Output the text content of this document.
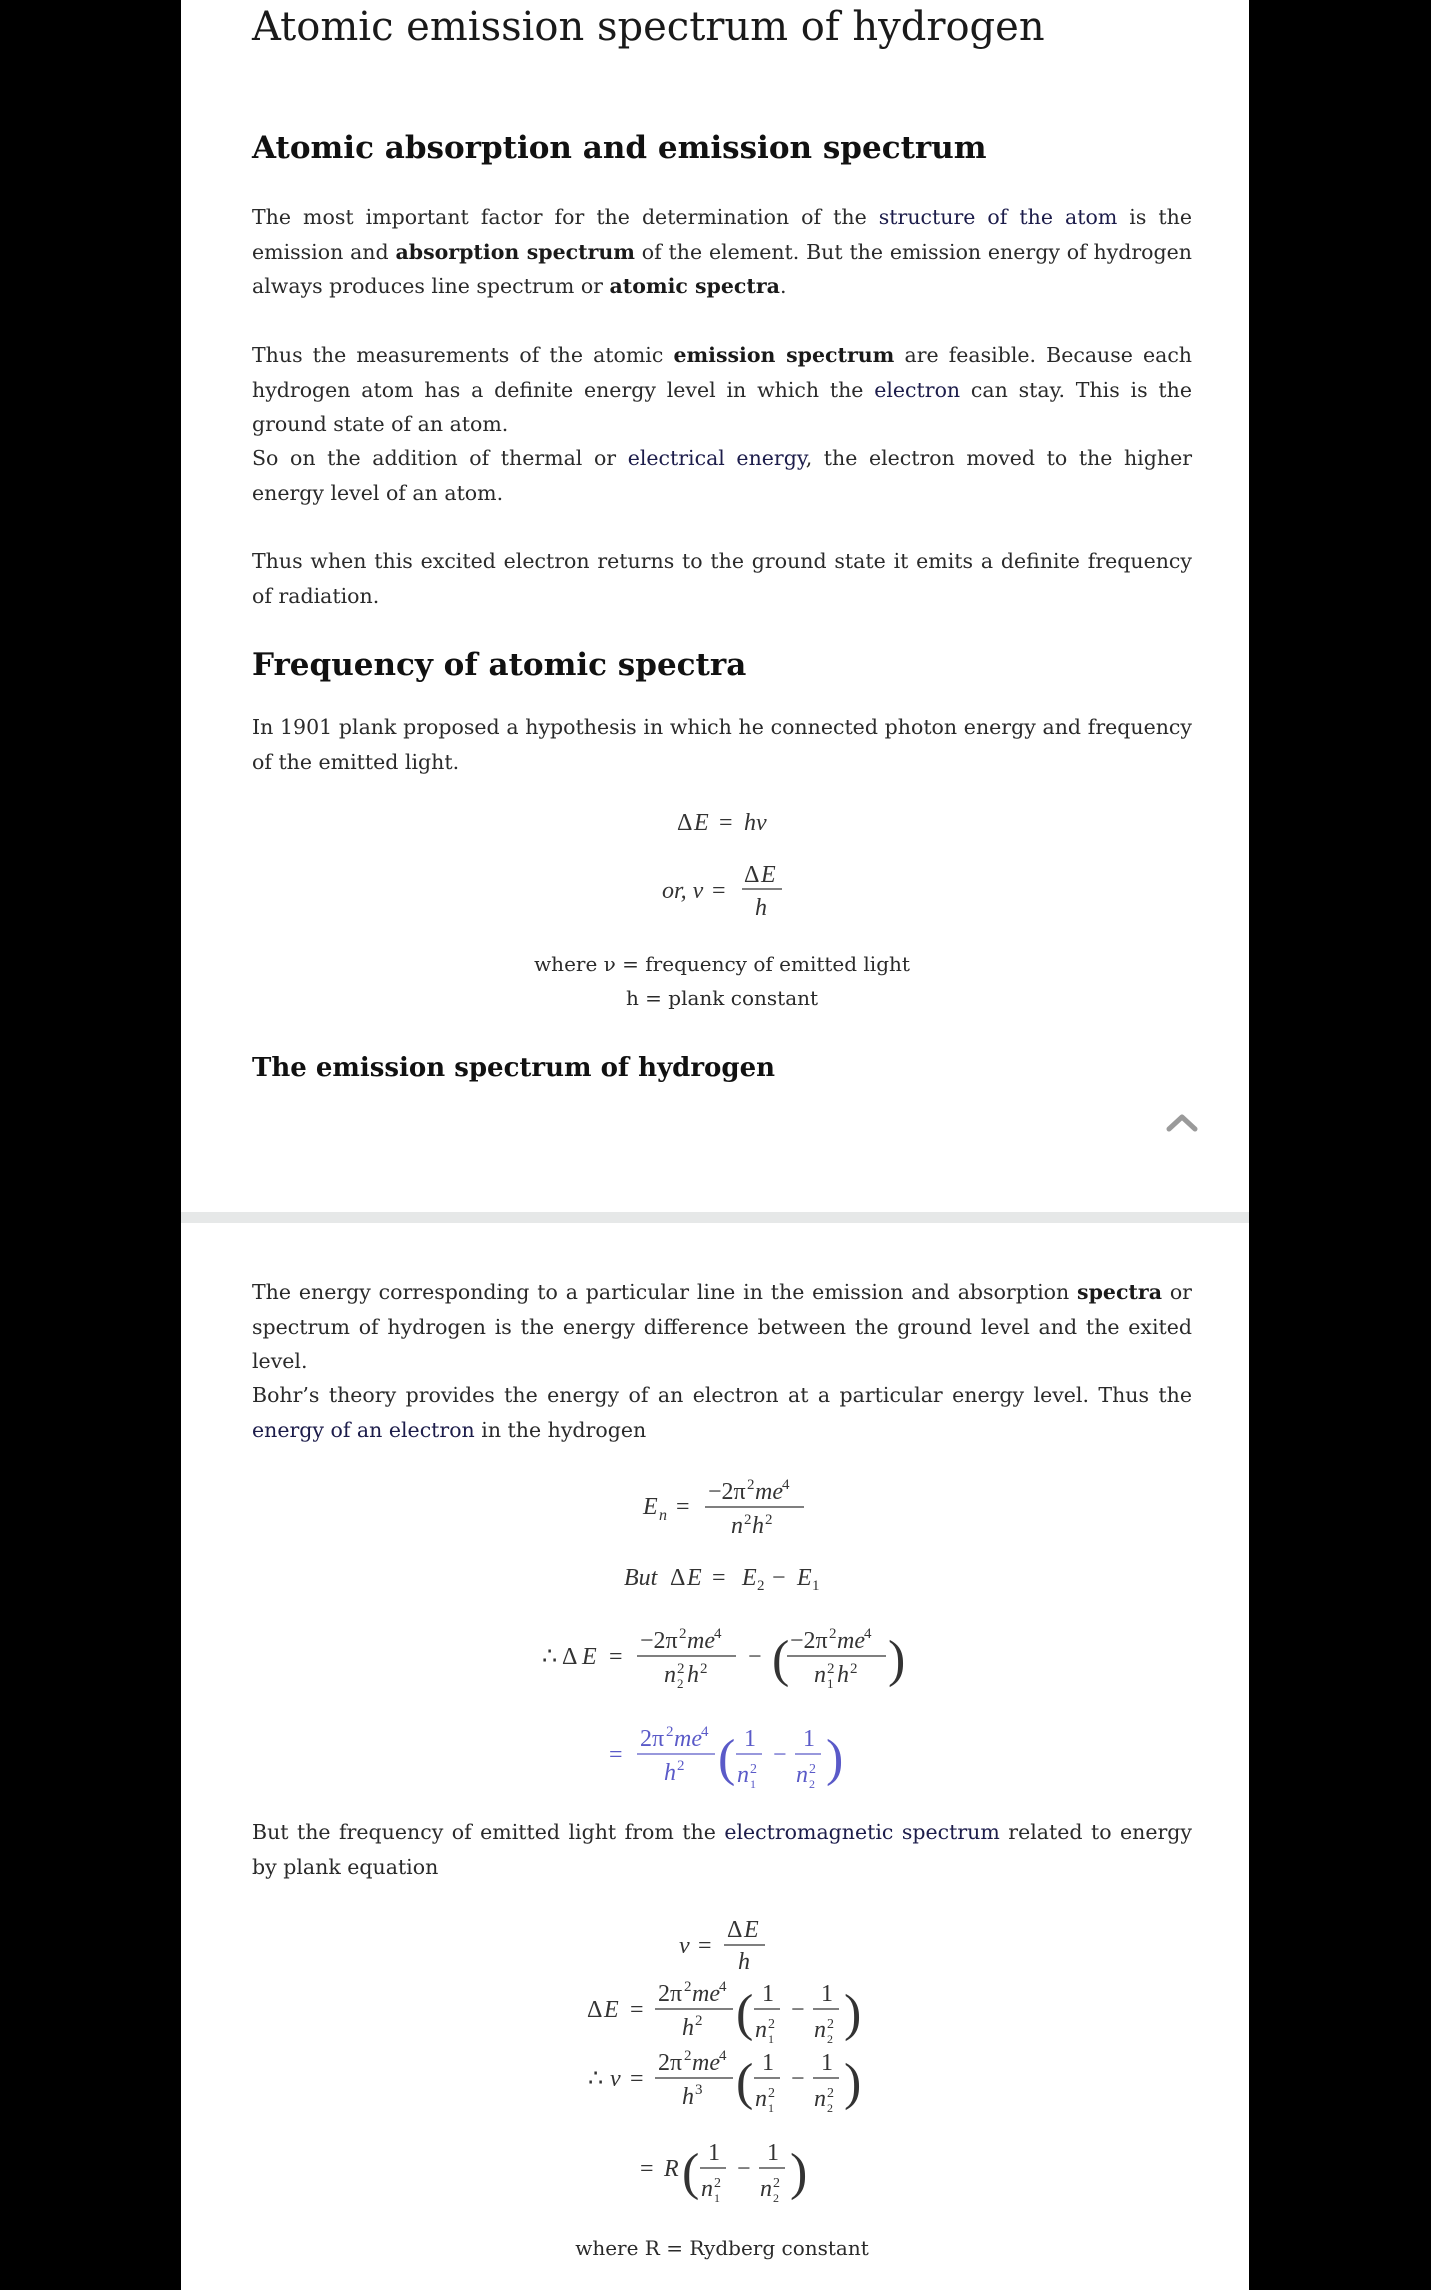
Atomic emission spectrum of hydrogen
Atomic absorption and emission spectrum

The most important factor for the determination of the structure of the atom is the emission and absorption spectrum of the element. But the emission energy of hydrogen always produces line spectrum or atomic spectra.

Thus the measurements of the atomic emission spectrum are feasible. Because each hydrogen atom has a definite energy level in which the electron can stay. This is the ground state of an atom.

So on the addition of thermal or electrical energy, the electron moved to the higher energy level of an atom.

Thus when this excited electron returns to the ground state it emits a definite frequency of radiation.

Frequency of atomic spectra

In 1901 plank proposed a hypothesis in which he connected photon energy and frequency of the emitted light.

Δ E = hν
or, ν =
Δ E
h
where ν = frequency of emitted light
h = plank constant
The emission spectrum of hydrogen

The energy corresponding to a particular line in the emission and absorption spectra or spectrum of hydrogen is the energy difference between the ground level and the exited level.

Bohr’s theory provides the energy of an electron at a particular energy level. Thus the energy of an electron in the hydrogen

E n =
−2π 2 me 4
n 2 h 2
But Δ E = E 2 − E 1
∴ Δ E =
−2π 2 me 4
n 2
2 h 2 − ( −2π 2 me 4
n 2
1 h 2 )
=
2π 2 me 4
h 2 ( 1
n 2
1
−
1
n 2
2 )

But the frequency of emitted light from the electromagnetic spectrum related to energy by plank equation

ν =
Δ E
h
Δ E =
2π 2 me 4
h 2 ( 1
n 2
1
−
1
n 2
2 )
∴ ν =
2π 2 me 4
h 3 ( 1
n 2
1
−
1
n 2
2 )
= R ( 1
n 2
1
−
1
n 2
2 )
where R = Rydberg constant
